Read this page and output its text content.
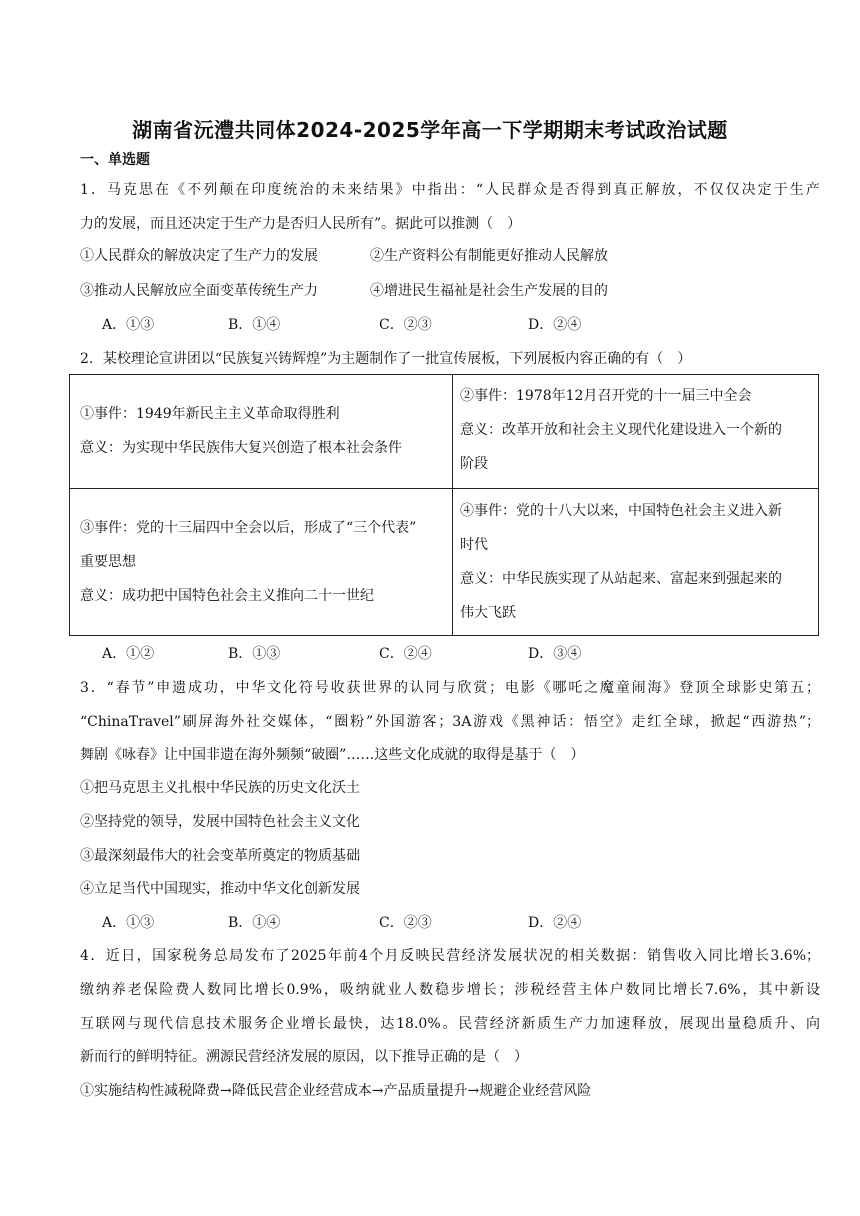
湖南省沅澧共同体2024-2025学年高一下学期期末考试政治试题
一、单选题
1．马克思在《不列颠在印度统治的未来结果》中指出：“人民群众是否得到真正解放，不仅仅决定于生产
力的发展，而且还决定于生产力是否归人民所有”。据此可以推测（　）
①人民群众的解放决定了生产力的发展	②生产资料公有制能更好推动人民解放
③推动人民解放应全面变革传统生产力	④增进民生福祉是社会生产发展的目的
A．①③	B．①④	C．②③	D．②④
2．某校理论宣讲团以“民族复兴铸辉煌”为主题制作了一批宣传展板，下列展板内容正确的有（　）

①事件：1949年新民主主义革命取得胜利
意义：为实现中华民族伟大复兴创造了根本社会条件
②事件：1978年12月召开党的十一届三中全会
意义：改革开放和社会主义现代化建设进入一个新的
阶段
③事件：党的十三届四中全会以后，形成了“三个代表”
重要思想
意义：成功把中国特色社会主义推向二十一世纪
④事件：党的十八大以来，中国特色社会主义进入新
时代
意义：中华民族实现了从站起来、富起来到强起来的
伟大飞跃
A．①②	B．①③	C．②④	D．③④
3．“春节”申遗成功，中华文化符号收获世界的认同与欣赏；电影《哪吒之魔童闹海》登顶全球影史第五；
“ChinaTravel”刷屏海外社交媒体，“圈粉”外国游客；3A游戏《黑神话：悟空》走红全球，掀起“西游热”；
舞剧《咏春》让中国非遗在海外频频“破圈”……这些文化成就的取得是基于（　）
①把马克思主义扎根中华民族的历史文化沃土
②坚持党的领导，发展中国特色社会主义文化
③最深刻最伟大的社会变革所奠定的物质基础
④立足当代中国现实，推动中华文化创新发展
A．①③	B．①④	C．②③	D．②④
4．近日，国家税务总局发布了2025年前4个月反映民营经济发展状况的相关数据：销售收入同比增长3.6%；
缴纳养老保险费人数同比增长0.9%，吸纳就业人数稳步增长；涉税经营主体户数同比增长7.6%，其中新设
互联网与现代信息技术服务企业增长最快，达18.0%。民营经济新质生产力加速释放，展现出量稳质升、向
新而行的鲜明特征。溯源民营经济发展的原因，以下推导正确的是（　）
①实施结构性减税降费→降低民营企业经营成本→产品质量提升→规避企业经营风险
